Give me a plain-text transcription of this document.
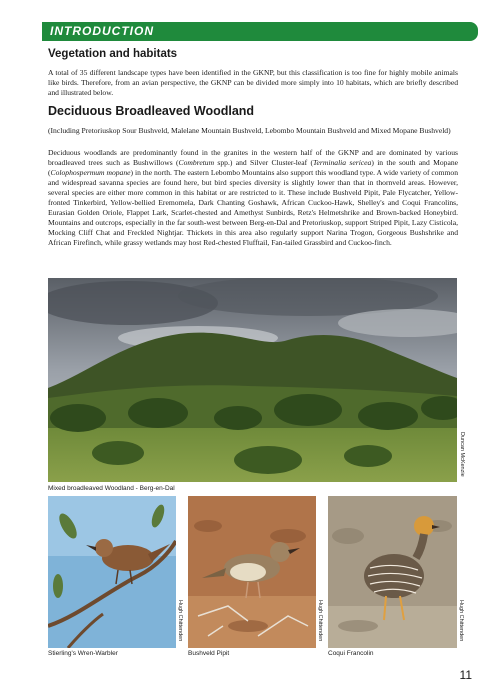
INTRODUCTION
Vegetation and habitats

A total of 35 different landscape types have been identified in the GKNP, but this classification is too fine for highly mobile animals like birds. Therefore, from an avian perspective, the GKNP can be divided more simply into 10 habitats, which are briefly described and illustrated below.

Deciduous Broadleaved Woodland

(Including Pretoriuskop Sour Bushveld, Malelane Mountain Bushveld, Lebombo Mountain Bushveld and Mixed Mopane Bushveld)

Deciduous woodlands are predominantly found in the granites in the western half of the GKNP and are dominated by various broadleaved trees such as Bushwillows (Combretum spp.) and Silver Cluster-leaf (Terminalia sericea) in the south and Mopane (Colophospermum mopane) in the north. The eastern Lebombo Mountains also support this woodland type. A wide variety of common and widespread savanna species are found here, but bird species diversity is slightly lower than that in thornveld areas. However, several species are either more common in this habitat or are restricted to it. These include Bushveld Pipit, Pale Flycatcher, Yellow-fronted Tinkerbird, Yellow-bellied Eremomela, Dark Chanting Goshawk, African Cuckoo-Hawk, Shelley's and Coqui Francolins, Eurasian Golden Oriole, Flappet Lark, Scarlet-chested and Amethyst Sunbirds, Retz's Helmetshrike and Brown-backed Honeybird. Mountains and outcrops, especially in the far south-west between Berg-en-Dal and Pretoriuskop, support Striped Pipit, Lazy Cisticola, Mocking Cliff Chat and Freckled Nightjar. Thickets in this area also regularly support Narina Trogon, Gorgeous Bushshrike and African Firefinch, while grassy wetlands may host Red-chested Flufftail, Fan-tailed Grassbird and Cuckoo-finch.

Duncan McKenzie
Mixed broadleaved Woodland - Berg-en-Dal
Hugh Chittenden
Stierling's Wren-Warbler
Hugh Chittenden
Bushveld Pipit
Hugh Chittenden
Coqui Francolin
11
